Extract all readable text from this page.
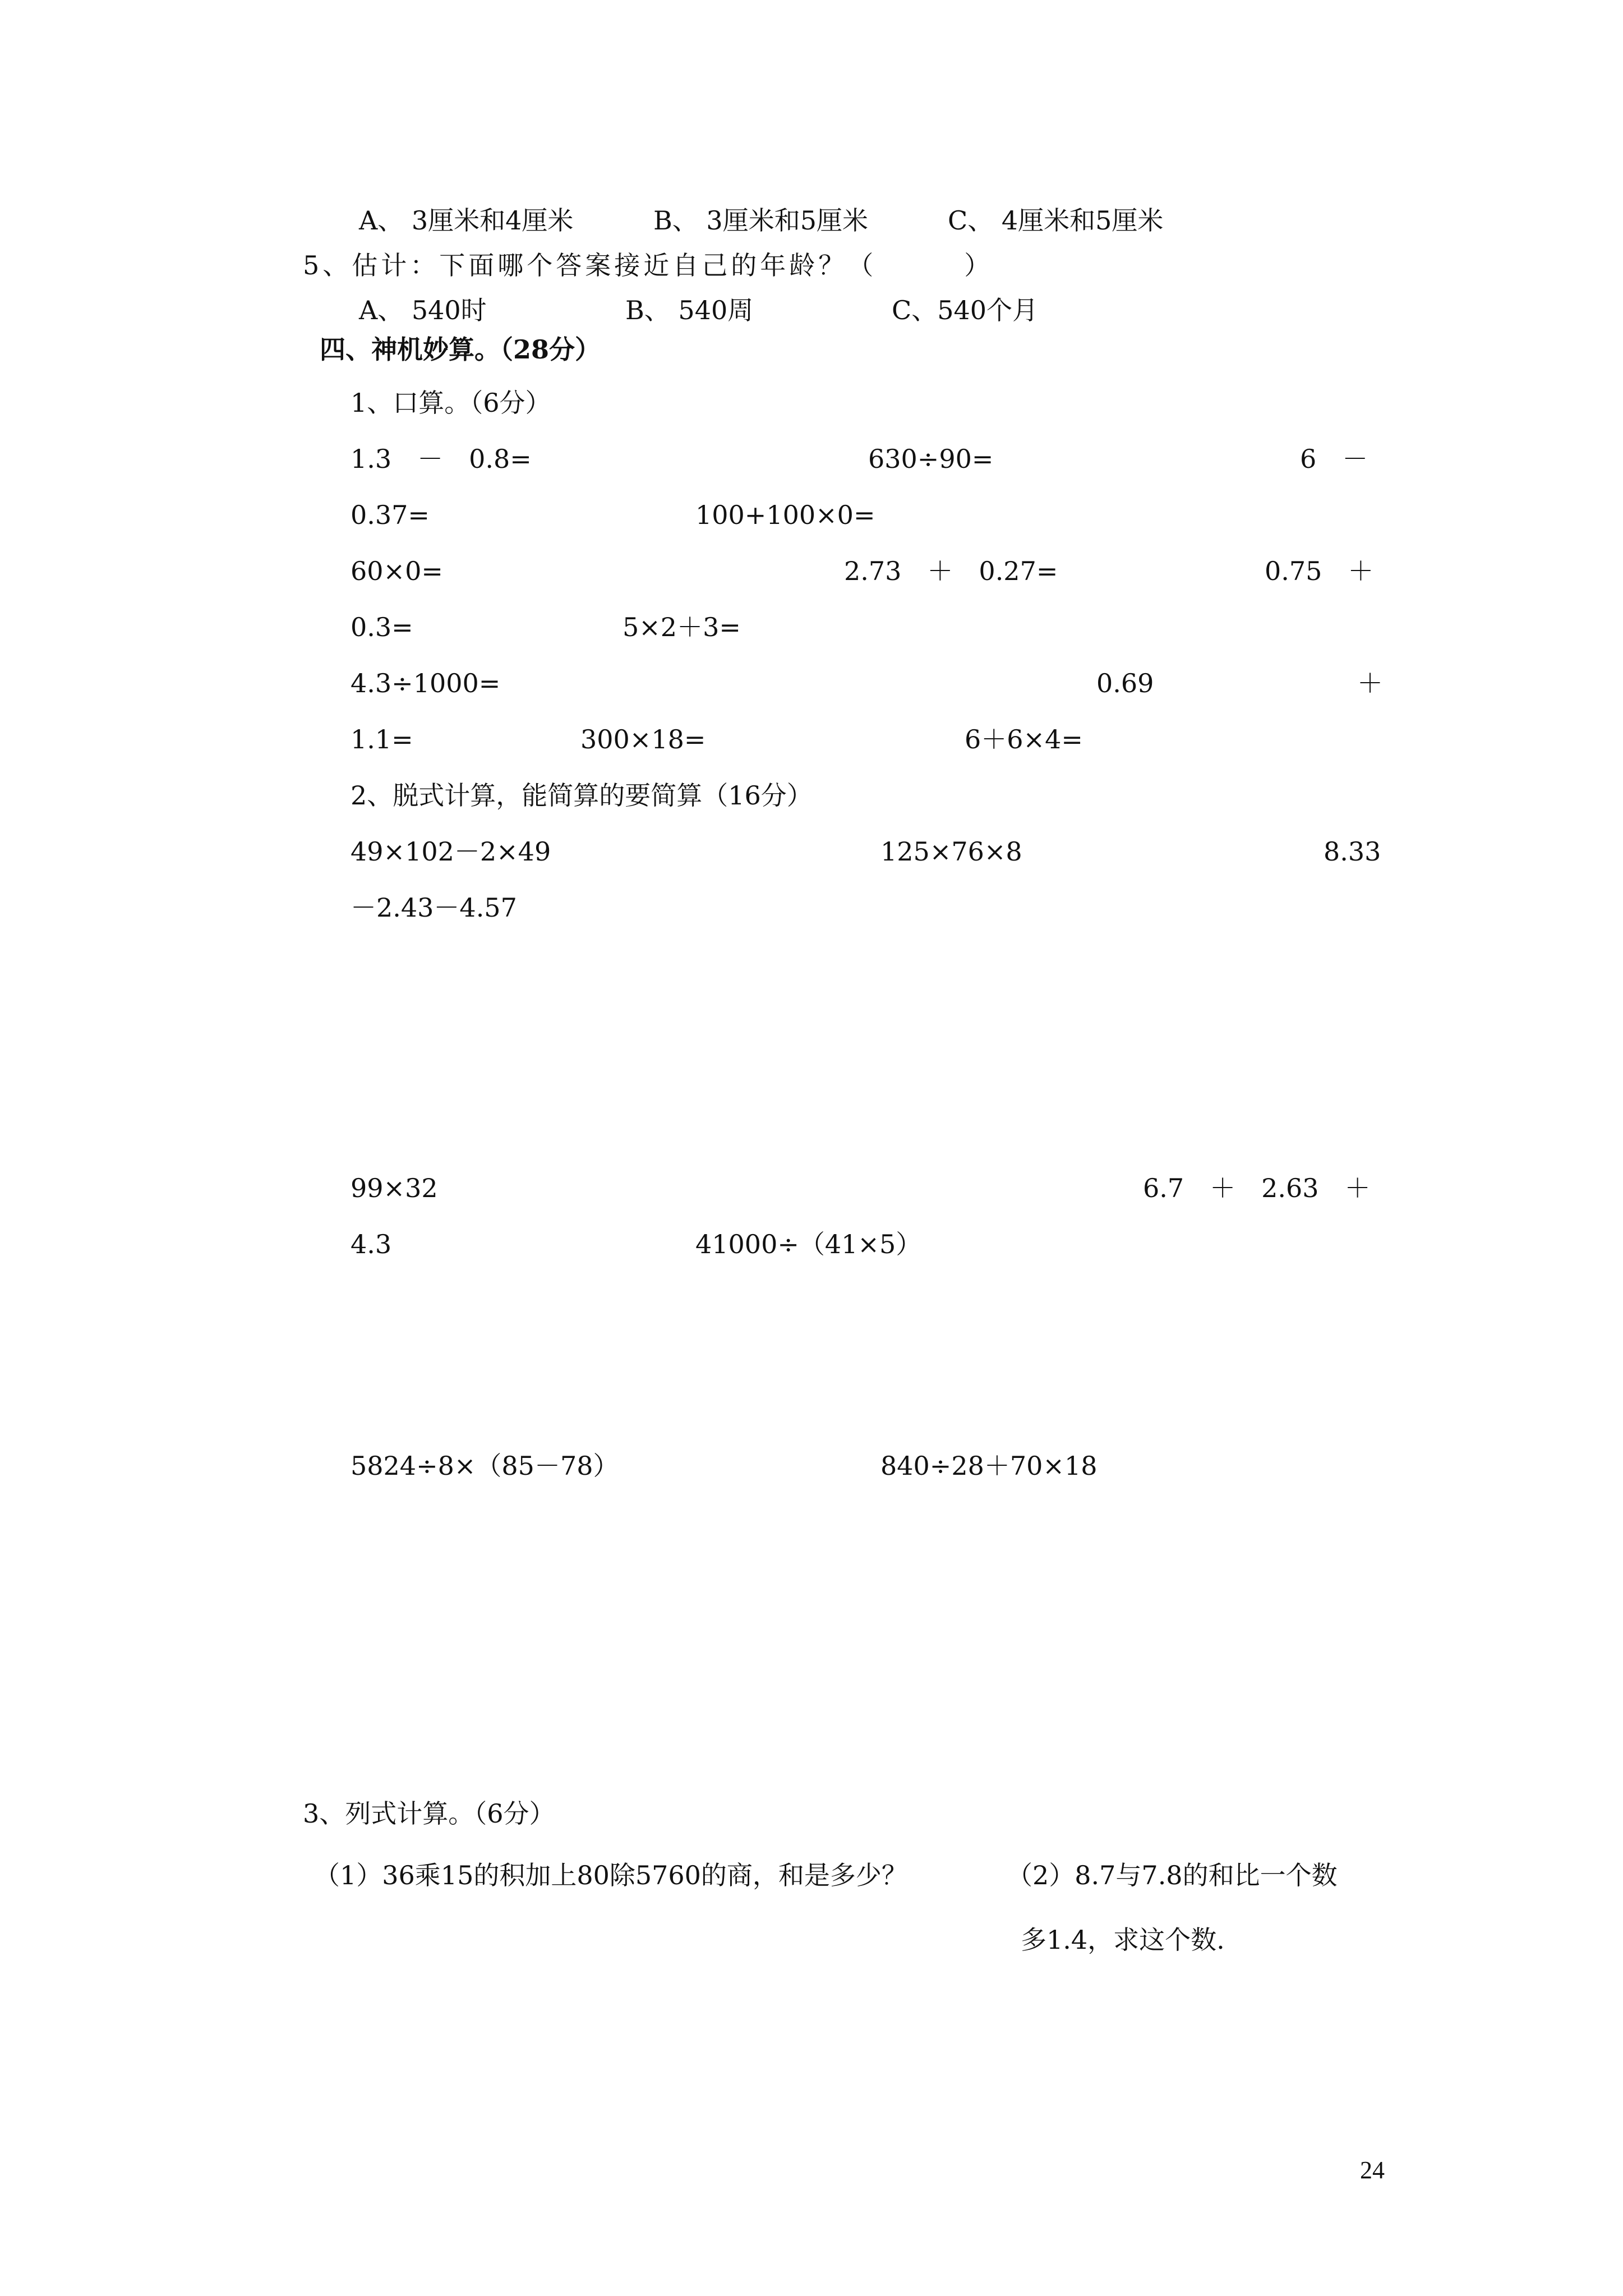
A、 3厘米和4厘米	B、 3厘米和5厘米	C、 4厘米和5厘米
5、估计：下面哪个答案接近自己的年龄？（　　　）
A、 540时	B、 540周	C、540个月
四、神机妙算。（28分）
1、口算。（6分）
1.3　－　0.8=	630÷90=	6　－
0.37=	100+100×0=
60×0=	2.73　＋　0.27=	0.75　＋
0.3=	5×2＋3=
4.3÷1000=	0.69	＋
1.1=	300×18=	6＋6×4=
2、脱式计算，能简算的要简算（16分）
49×102－2×49	125×76×8	8.33
－2.43－4.57
99×32	6.7　＋　2.63　＋
4.3	41000÷（41×5）
5824÷8×（85－78）	840÷28＋70×18
3、列式计算。（6分）
（1）36乘15的积加上80除5760的商，和是多少？	（2）8.7与7.8的和比一个数
多1.4，求这个数.
24
